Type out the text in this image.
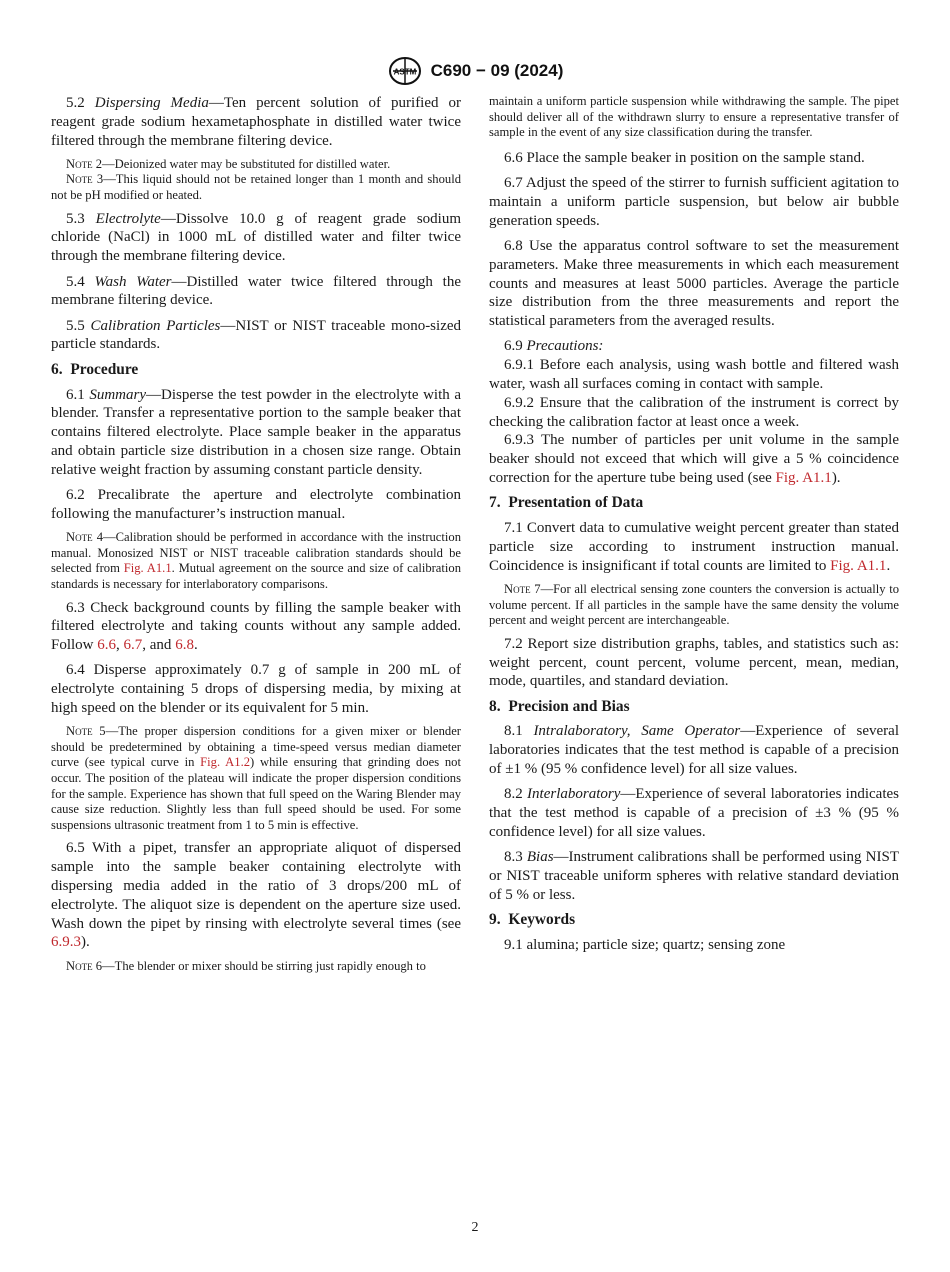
ASTM C690 − 09 (2024)

5.2 Dispersing Media—Ten percent solution of purified or reagent grade sodium hexametaphosphate in distilled water twice filtered through the membrane filtering device.

Note 2—Deionized water may be substituted for distilled water.

Note 3—This liquid should not be retained longer than 1 month and should not be pH modified or heated.

5.3 Electrolyte—Dissolve 10.0 g of reagent grade sodium chloride (NaCl) in 1000 mL of distilled water and filter twice through the membrane filtering device.

5.4 Wash Water—Distilled water twice filtered through the membrane filtering device.

5.5 Calibration Particles—NIST or NIST traceable mono-sized particle standards.

6. Procedure

6.1 Summary—Disperse the test powder in the electrolyte with a blender. Transfer a representative portion to the sample beaker that contains filtered electrolyte. Place sample beaker in the apparatus and obtain particle size distribution in a chosen size range. Obtain relative weight fraction by assuming constant particle density.

6.2 Precalibrate the aperture and electrolyte combination following the manufacturer’s instruction manual.

Note 4—Calibration should be performed in accordance with the instruction manual. Monosized NIST or NIST traceable calibration standards should be selected from Fig. A1.1. Mutual agreement on the source and size of calibration standards is necessary for interlaboratory comparisons.

6.3 Check background counts by filling the sample beaker with filtered electrolyte and taking counts without any sample added. Follow 6.6, 6.7, and 6.8.

6.4 Disperse approximately 0.7 g of sample in 200 mL of electrolyte containing 5 drops of dispersing media, by mixing at high speed on the blender or its equivalent for 5 min.

Note 5—The proper dispersion conditions for a given mixer or blender should be predetermined by obtaining a time-speed versus median diameter curve (see typical curve in Fig. A1.2) while ensuring that grinding does not occur. The position of the plateau will indicate the proper dispersion conditions for the sample. Experience has shown that full speed on the Waring Blender may cause size reduction. Slightly less than full speed should be used. For some suspensions ultrasonic treatment from 1 to 5 min is effective.

6.5 With a pipet, transfer an appropriate aliquot of dispersed sample into the sample beaker containing electrolyte with dispersing media added in the ratio of 3 drops/200 mL of electrolyte. The aliquot size is dependent on the aperture size used. Wash down the pipet by rinsing with electrolyte several times (see 6.9.3).

Note 6—The blender or mixer should be stirring just rapidly enough to

maintain a uniform particle suspension while withdrawing the sample. The pipet should deliver all of the withdrawn slurry to ensure a representative transfer of sample in the event of any size classification during the transfer.

6.6 Place the sample beaker in position on the sample stand.

6.7 Adjust the speed of the stirrer to furnish sufficient agitation to maintain a uniform particle suspension, but below air bubble generation speeds.

6.8 Use the apparatus control software to set the measurement parameters. Make three measurements in which each measurement counts and measures at least 5000 particles. Average the particle size distribution from the three measurements and report the statistical parameters from the averaged results.

6.9 Precautions:

6.9.1 Before each analysis, using wash bottle and filtered wash water, wash all surfaces coming in contact with sample.

6.9.2 Ensure that the calibration of the instrument is correct by checking the calibration factor at least once a week.

6.9.3 The number of particles per unit volume in the sample beaker should not exceed that which will give a 5 % coincidence correction for the aperture tube being used (see Fig. A1.1).

7. Presentation of Data

7.1 Convert data to cumulative weight percent greater than stated particle size according to instrument instruction manual. Coincidence is insignificant if total counts are limited to Fig. A1.1.

Note 7—For all electrical sensing zone counters the conversion is actually to volume percent. If all particles in the sample have the same density the volume percent and weight percent are interchangeable.

7.2 Report size distribution graphs, tables, and statistics such as: weight percent, count percent, volume percent, mean, median, mode, quartiles, and standard deviation.

8. Precision and Bias

8.1 Intralaboratory, Same Operator—Experience of several laboratories indicates that the test method is capable of a precision of ±1 % (95 % confidence level) for all size values.

8.2 Interlaboratory—Experience of several laboratories indicates that the test method is capable of a precision of ±3 % (95 % confidence level) for all size values.

8.3 Bias—Instrument calibrations shall be performed using NIST or NIST traceable uniform spheres with relative standard deviation of 5 % or less.

9. Keywords

9.1 alumina; particle size; quartz; sensing zone

2
